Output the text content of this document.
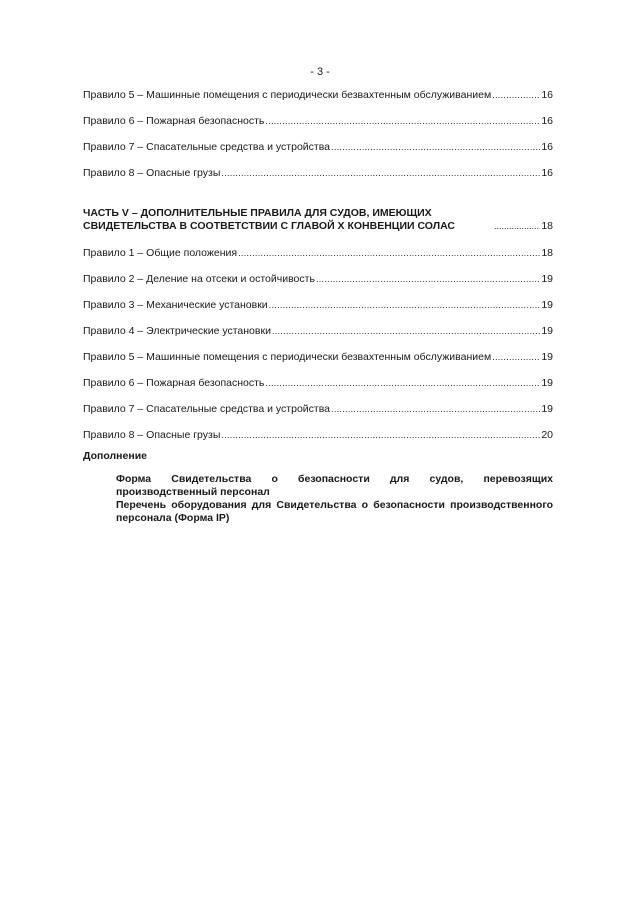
- 3 -
Правило 5 – Машинные помещения с периодически безвахтенным обслуживанием .....	16
Правило 6 – Пожарная безопасность .....	16
Правило 7 – Спасательные средства и устройства .....	16
Правило 8 – Опасные грузы .....	16
ЧАСТЬ V – ДОПОЛНИТЕЛЬНЫЕ ПРАВИЛА ДЛЯ СУДОВ, ИМЕЮЩИХ СВИДЕТЕЛЬСТВА В СООТВЕТСТВИИ С ГЛАВОЙ X КОНВЕНЦИИ СОЛАС .....	18
Правило 1 – Общие положения .....	18
Правило 2 – Деление на отсеки и остойчивость .....	19
Правило 3 – Механические установки .....	19
Правило 4 – Электрические установки .....	19
Правило 5 – Машинные помещения с периодически безвахтенным обслуживанием .....	19
Правило 6 – Пожарная безопасность .....	19
Правило 7 – Спасательные средства и устройства .....	19
Правило 8 – Опасные грузы .....	20
Дополнение
Форма Свидетельства о безопасности для судов, перевозящих производственный персонал
Перечень оборудования для Свидетельства о безопасности производственного персонала (Форма IP)
